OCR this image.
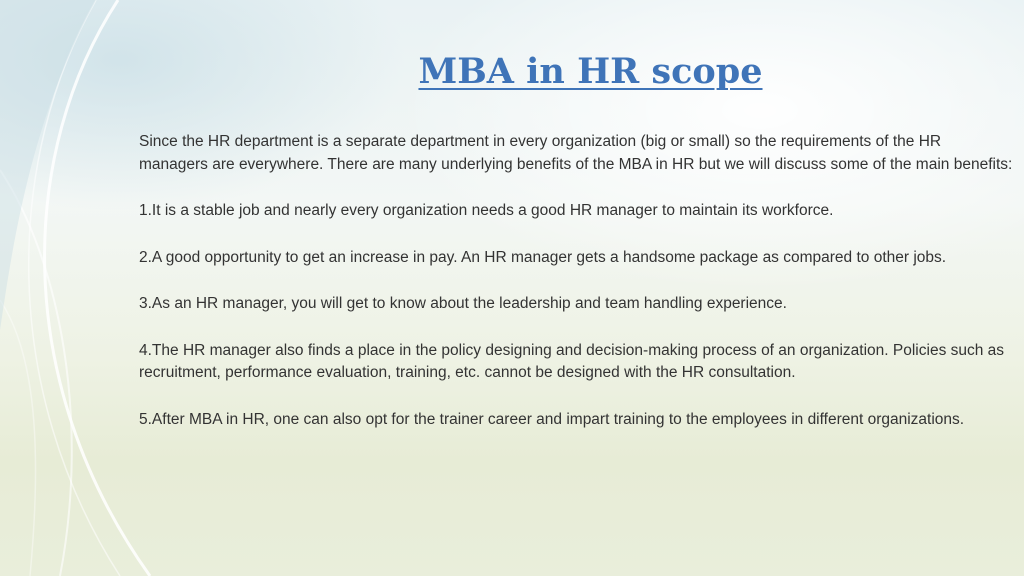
MBA in HR scope

Since the HR department is a separate department in every organization (big or small) so the requirements of the HR managers are everywhere. There are many underlying benefits of the MBA in HR but we will discuss some of the main benefits:

1.It is a stable job and nearly every organization needs a good HR manager to maintain its workforce.

2.A good opportunity to get an increase in pay. An HR manager gets a handsome package as compared to other jobs.

3.As an HR manager, you will get to know about the leadership and team handling experience.

4.The HR manager also finds a place in the policy designing and decision-making process of an organization. Policies such as recruitment, performance evaluation, training, etc. cannot be designed with the HR consultation.

5.After MBA in HR, one can also opt for the trainer career and impart training to the employees in different organizations.
